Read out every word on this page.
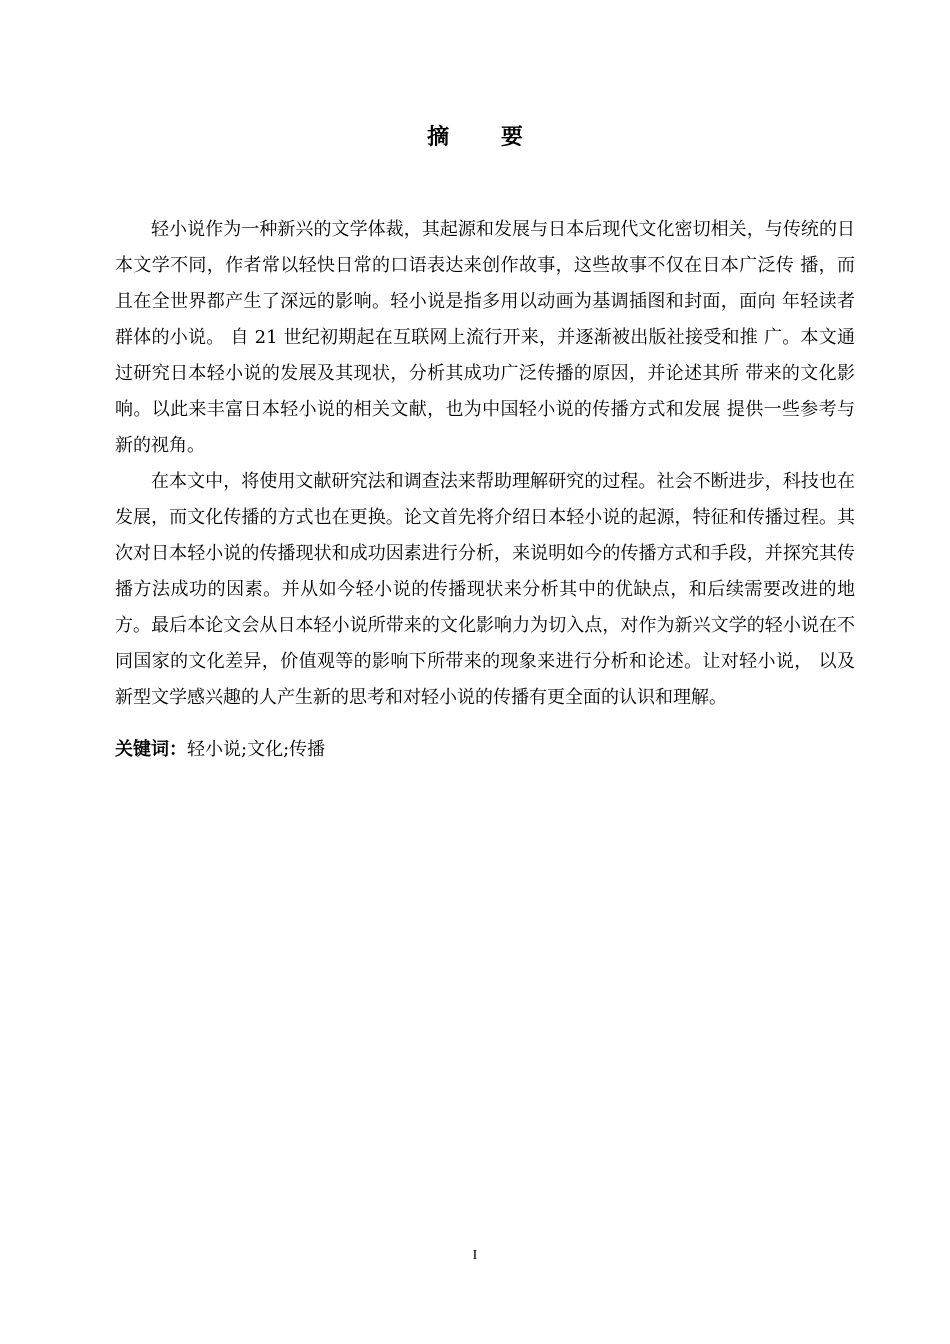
摘 要

轻小说作为一种新兴的文学体裁，其起源和发展与日本后现代文化密切相关，与传统的日本文学不同，作者常以轻快日常的口语表达来创作故事，这些故事不仅在日本广泛传 播，而且在全世界都产生了深远的影响。轻小说是指多用以动画为基调插图和封面，面向 年轻读者群体的小说。 自 21 世纪初期起在互联网上流行开来，并逐渐被出版社接受和推 广。本文通过研究日本轻小说的发展及其现状，分析其成功广泛传播的原因，并论述其所 带来的文化影响。以此来丰富日本轻小说的相关文献，也为中国轻小说的传播方式和发展 提供一些参考与新的视角。

在本文中，将使用文献研究法和调查法来帮助理解研究的过程。社会不断进步，科技也在发展，而文化传播的方式也在更换。论文首先将介绍日本轻小说的起源，特征和传播过程。其次对日本轻小说的传播现状和成功因素进行分析，来说明如今的传播方式和手段，并探究其传播方法成功的因素。并从如今轻小说的传播现状来分析其中的优缺点，和后续需要改进的地方。最后本论文会从日本轻小说所带来的文化影响力为切入点，对作为新兴文学的轻小说在不同国家的文化差异，价值观等的影响下所带来的现象来进行分析和论述。让对轻小说， 以及新型文学感兴趣的人产生新的思考和对轻小说的传播有更全面的认识和理解。

关键词：轻小说;文化;传播
I
